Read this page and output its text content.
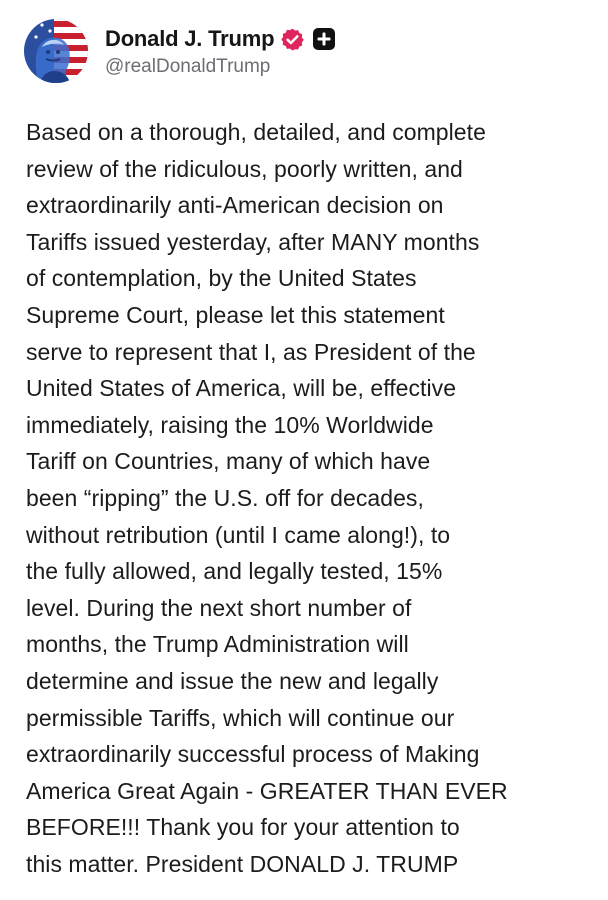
Donald J. Trump
@realDonaldTrump
Based on a thorough, detailed, and complete
review of the ridiculous, poorly written, and
extraordinarily anti-American decision on
Tariffs issued yesterday, after MANY months
of contemplation, by the United States
Supreme Court, please let this statement
serve to represent that I, as President of the
United States of America, will be, effective
immediately, raising the 10% Worldwide
Tariff on Countries, many of which have
been “ripping” the U.S. off for decades,
without retribution (until I came along!), to
the fully allowed, and legally tested, 15%
level. During the next short number of
months, the Trump Administration will
determine and issue the new and legally
permissible Tariffs, which will continue our
extraordinarily successful process of Making
America Great Again - GREATER THAN EVER
BEFORE!!! Thank you for your attention to
this matter. President DONALD J. TRUMP
